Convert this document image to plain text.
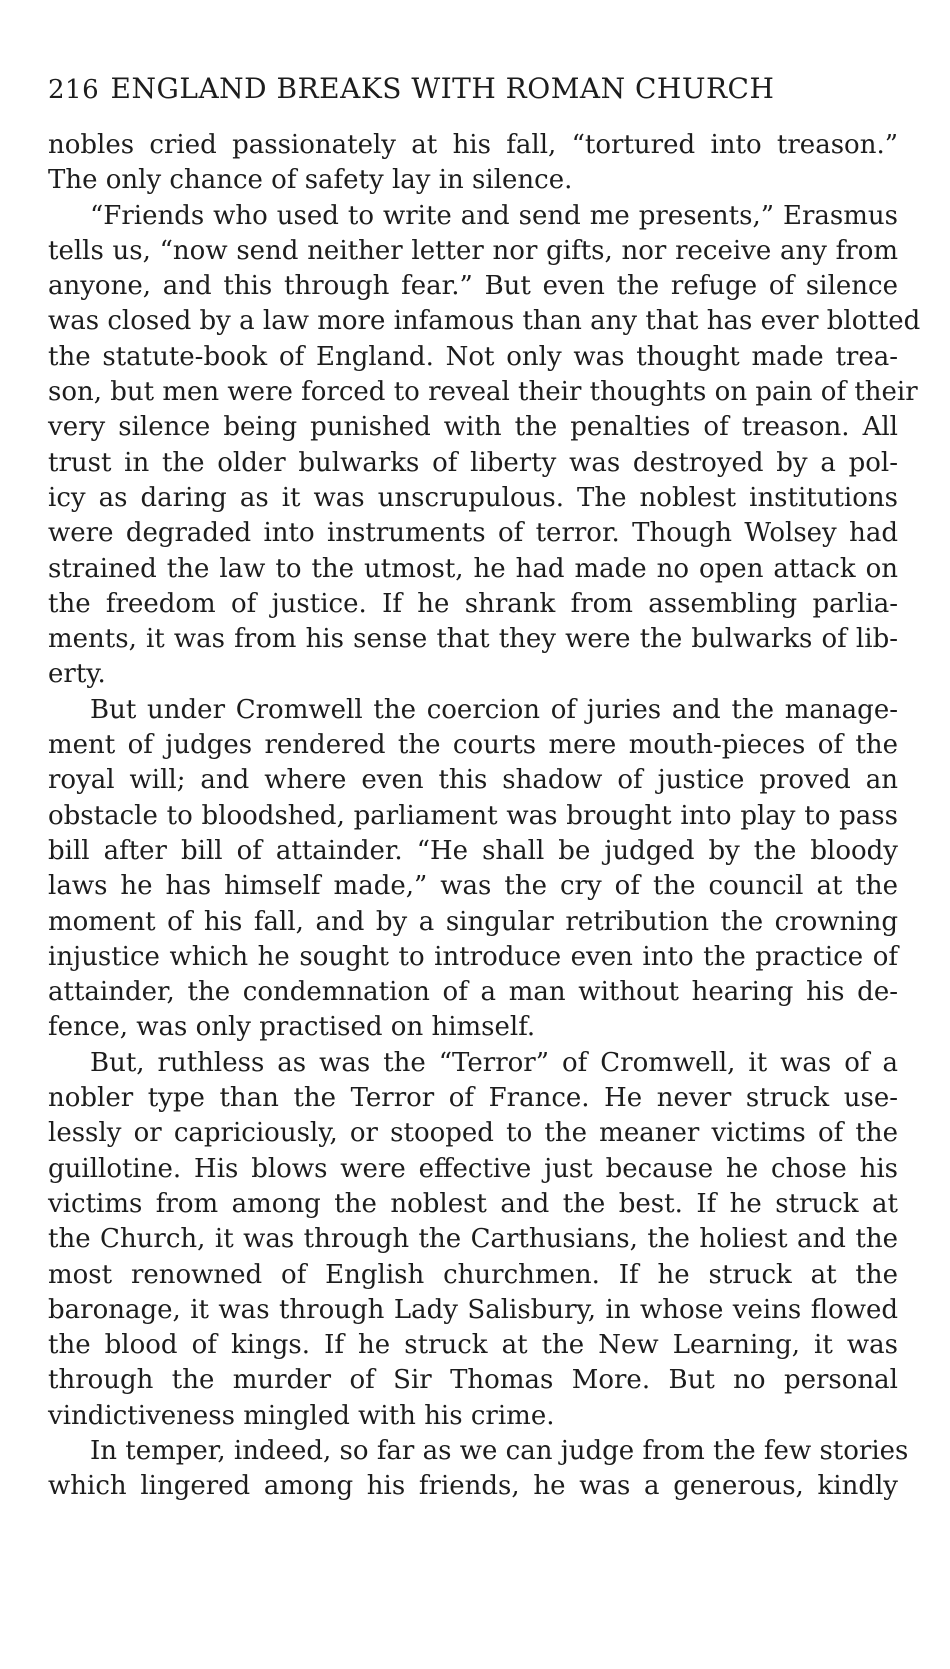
216 ENGLAND BREAKS WITH ROMAN CHURCH
nobles cried passionately at his fall, “tortured into treason.”
The only chance of safety lay in silence.
“Friends who used to write and send me presents,” Erasmus
tells us, “now send neither letter nor gifts, nor receive any from
anyone, and this through fear.” But even the refuge of silence
was closed by a law more infamous than any that has ever blotted
the statute-book of England. Not only was thought made trea-
son, but men were forced to reveal their thoughts on pain of their
very silence being punished with the penalties of treason. All
trust in the older bulwarks of liberty was destroyed by a pol-
icy as daring as it was unscrupulous. The noblest institutions
were degraded into instruments of terror. Though Wolsey had
strained the law to the utmost, he had made no open attack on
the freedom of justice. If he shrank from assembling parlia-
ments, it was from his sense that they were the bulwarks of lib-
erty.
But under Cromwell the coercion of juries and the manage-
ment of judges rendered the courts mere mouth-pieces of the
royal will; and where even this shadow of justice proved an
obstacle to bloodshed, parliament was brought into play to pass
bill after bill of attainder. “He shall be judged by the bloody
laws he has himself made,” was the cry of the council at the
moment of his fall, and by a singular retribution the crowning
injustice which he sought to introduce even into the practice of
attainder, the condemnation of a man without hearing his de-
fence, was only practised on himself.
But, ruthless as was the “Terror” of Cromwell, it was of a
nobler type than the Terror of France. He never struck use-
lessly or capriciously, or stooped to the meaner victims of the
guillotine. His blows were effective just because he chose his
victims from among the noblest and the best. If he struck at
the Church, it was through the Carthusians, the holiest and the
most renowned of English churchmen. If he struck at the
baronage, it was through Lady Salisbury, in whose veins flowed
the blood of kings. If he struck at the New Learning, it was
through the murder of Sir Thomas More. But no personal
vindictiveness mingled with his crime.
In temper, indeed, so far as we can judge from the few stories
which lingered among his friends, he was a generous, kindly
